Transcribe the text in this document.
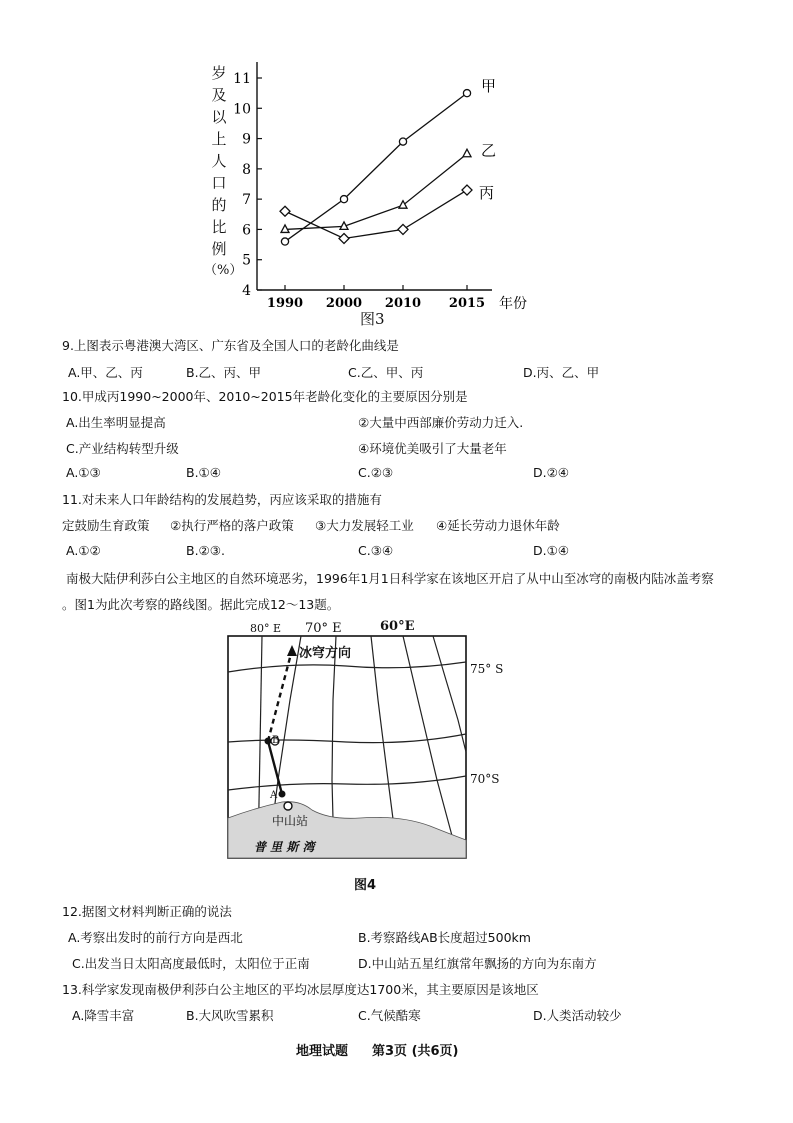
岁
及
以
上
人
口
的
比
例
（%）
4
5
6
7
8
9
10
11
1990 2000 2010 2015 年份
甲
乙
丙
图3
9.上图表示粤港澳大湾区、广东省及全国人口的老龄化曲线是
A.甲、乙、丙	B.乙、丙、甲	C.乙、甲、丙	D.丙、乙、甲
10.甲成丙1990~2000年、2010~2015年老龄化变化的主要原因分别是
A.出生率明显提高	②大量中西部廉价劳动力迁入.
C.产业结构转型升级	④环境优美吸引了大量老年
A.①③	B.①④	C.②③	D.②④
11.对未来人口年龄结构的发展趋势，丙应该采取的措施有
定鼓励生育政策 ②执行严格的落户政策 ③大力发展轻工业 ④延长劳动力退休年龄
A.①②	B.②③.	C.③④	D.①④
南极大陆伊利莎白公主地区的自然环境恶劣，1996年1月1日科学家在该地区开启了从中山至冰穹的南极内陆冰盖考察
。图1为此次考察的路线图。据此完成12～13题。
80° E 70° E	60°E
75° S
70°S
冰穹方向
A
B
中山站
普 里 斯 湾
图4
12.据图文材料判断正确的说法
A.考察出发时的前行方向是西北	B.考察路线AB长度超过500km
C.出发当日太阳高度最低时，太阳位于正南	D.中山站五星红旗常年飘扬的方向为东南方
13.科学家发现南极伊利莎白公主地区的平均冰层厚度达1700米，其主要原因是该地区
A.降雪丰富	B.大风吹雪累积	C.气候酷寒	D.人类活动较少
地理试题 第3页 (共6页)
